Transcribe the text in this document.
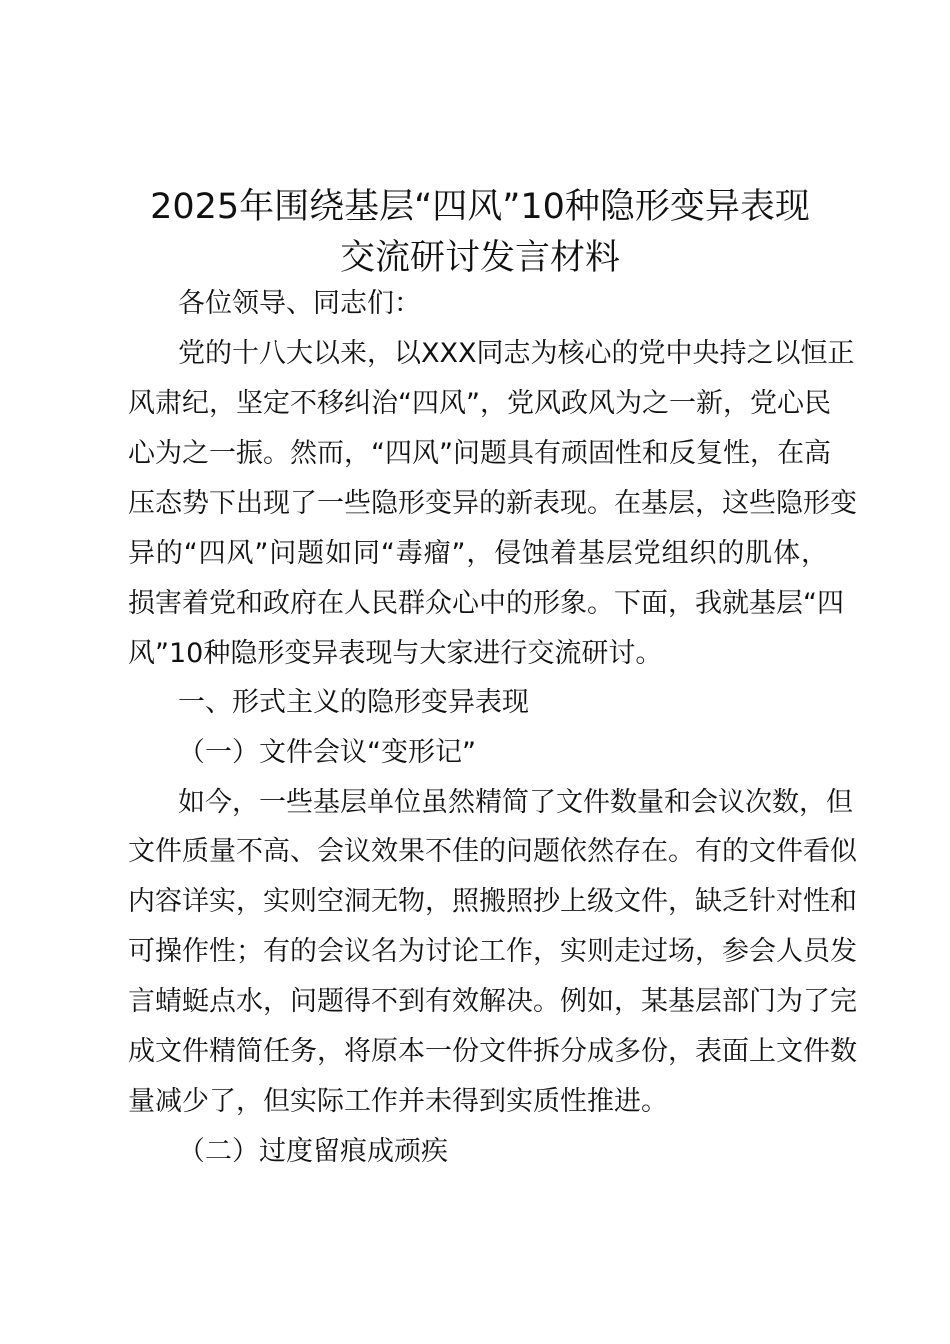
2025年围绕基层“四风”10种隐形变异表现
交流研讨发言材料
各位领导、同志们：
党的十八大以来，以XXX同志为核心的党中央持之以恒正
风肃纪，坚定不移纠治“四风”，党风政风为之一新，党心民
心为之一振。然而，“四风”问题具有顽固性和反复性，在高
压态势下出现了一些隐形变异的新表现。在基层，这些隐形变
异的“四风”问题如同“毒瘤”，侵蚀着基层党组织的肌体，
损害着党和政府在人民群众心中的形象。下面，我就基层“四
风”10种隐形变异表现与大家进行交流研讨。
一、形式主义的隐形变异表现
（一）文件会议“变形记”
如今，一些基层单位虽然精简了文件数量和会议次数，但
文件质量不高、会议效果不佳的问题依然存在。有的文件看似
内容详实，实则空洞无物，照搬照抄上级文件，缺乏针对性和
可操作性；有的会议名为讨论工作，实则走过场，参会人员发
言蜻蜓点水，问题得不到有效解决。例如，某基层部门为了完
成文件精简任务，将原本一份文件拆分成多份，表面上文件数
量减少了，但实际工作并未得到实质性推进。
（二）过度留痕成顽疾
